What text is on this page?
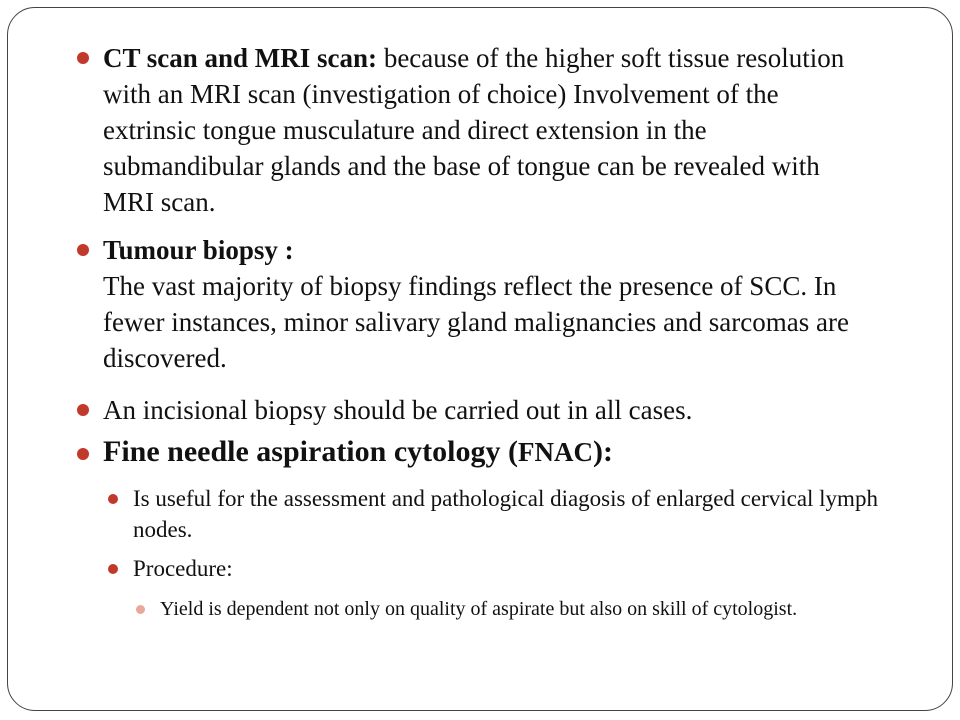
CT scan and MRI scan: because of the higher soft tissue resolution with an MRI scan (investigation of choice) Involvement of the extrinsic tongue musculature and direct extension in the submandibular glands and the base of tongue can be revealed with MRI scan.

Tumour biopsy :
The vast majority of biopsy findings reflect the presence of SCC. In fewer instances, minor salivary gland malignancies and sarcomas are discovered.

An incisional biopsy should be carried out in all cases.

Fine needle aspiration cytology (FNAC):

Is useful for the assessment and pathological diagosis of enlarged cervical lymph nodes.

Procedure:

Yield is dependent not only on quality of aspirate but also on skill of cytologist.
